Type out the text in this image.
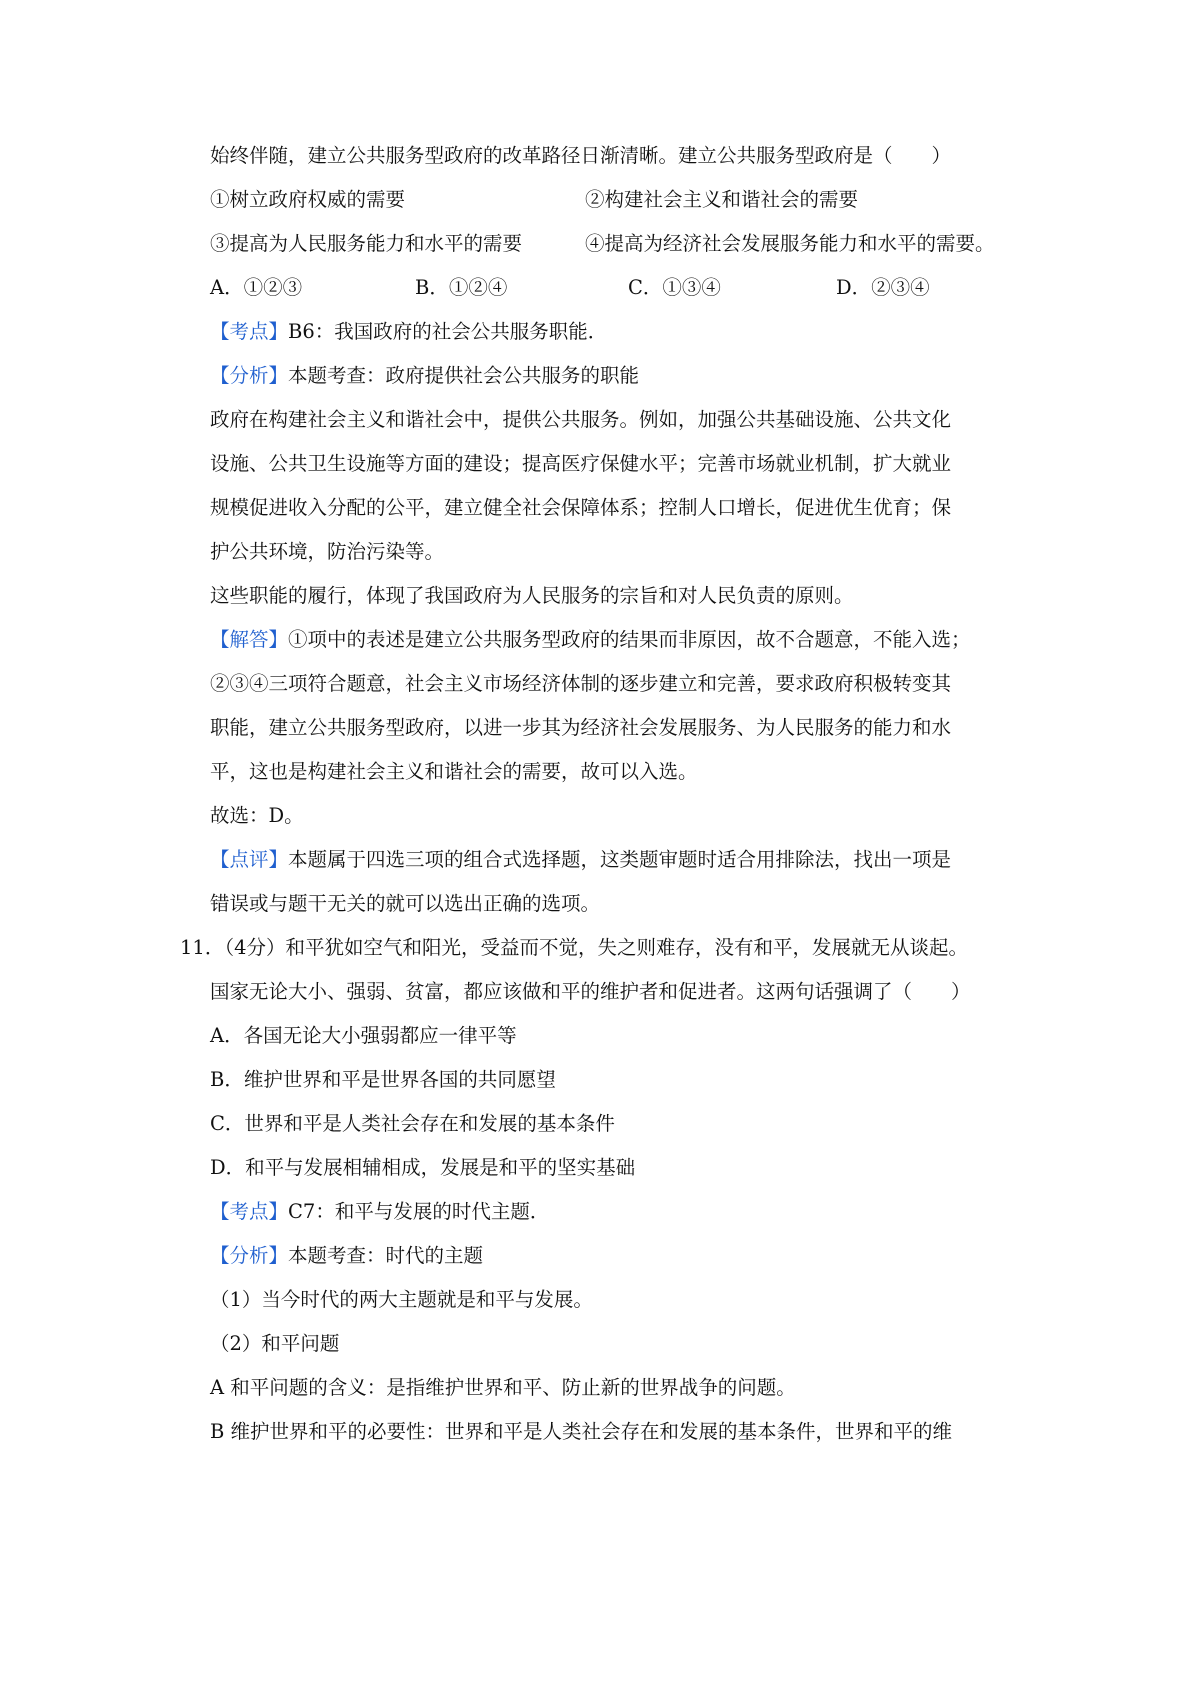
始终伴随，建立公共服务型政府的改革路径日渐清晰。建立公共服务型政府是（　　）
①树立政府权威的需要	②构建社会主义和谐社会的需要
③提高为人民服务能力和水平的需要	④提高为经济社会发展服务能力和水平的需要。
A．①②③	B．①②④	C．①③④	D．②③④
【考点】B6：我国政府的社会公共服务职能．
【分析】本题考查：政府提供社会公共服务的职能
政府在构建社会主义和谐社会中，提供公共服务。例如，加强公共基础设施、公共文化
设施、公共卫生设施等方面的建设；提高医疗保健水平；完善市场就业机制，扩大就业
规模促进收入分配的公平，建立健全社会保障体系；控制人口增长，促进优生优育；保
护公共环境，防治污染等。
这些职能的履行，体现了我国政府为人民服务的宗旨和对人民负责的原则。
【解答】①项中的表述是建立公共服务型政府的结果而非原因，故不合题意，不能入选；
②③④三项符合题意，社会主义市场经济体制的逐步建立和完善，要求政府积极转变其
职能，建立公共服务型政府，以进一步其为经济社会发展服务、为人民服务的能力和水
平，这也是构建社会主义和谐社会的需要，故可以入选。
故选：D。
【点评】本题属于四选三项的组合式选择题，这类题审题时适合用排除法，找出一项是
错误或与题干无关的就可以选出正确的选项。
11．（4分）和平犹如空气和阳光，受益而不觉，失之则难存，没有和平，发展就无从谈起。
国家无论大小、强弱、贫富，都应该做和平的维护者和促进者。这两句话强调了（　　）
A．各国无论大小强弱都应一律平等
B．维护世界和平是世界各国的共同愿望
C．世界和平是人类社会存在和发展的基本条件
D．和平与发展相辅相成，发展是和平的坚实基础
【考点】C7：和平与发展的时代主题．
【分析】本题考查：时代的主题
（1）当今时代的两大主题就是和平与发展。
（2）和平问题
A 和平问题的含义：是指维护世界和平、防止新的世界战争的问题。
B 维护世界和平的必要性：世界和平是人类社会存在和发展的基本条件，世界和平的维
